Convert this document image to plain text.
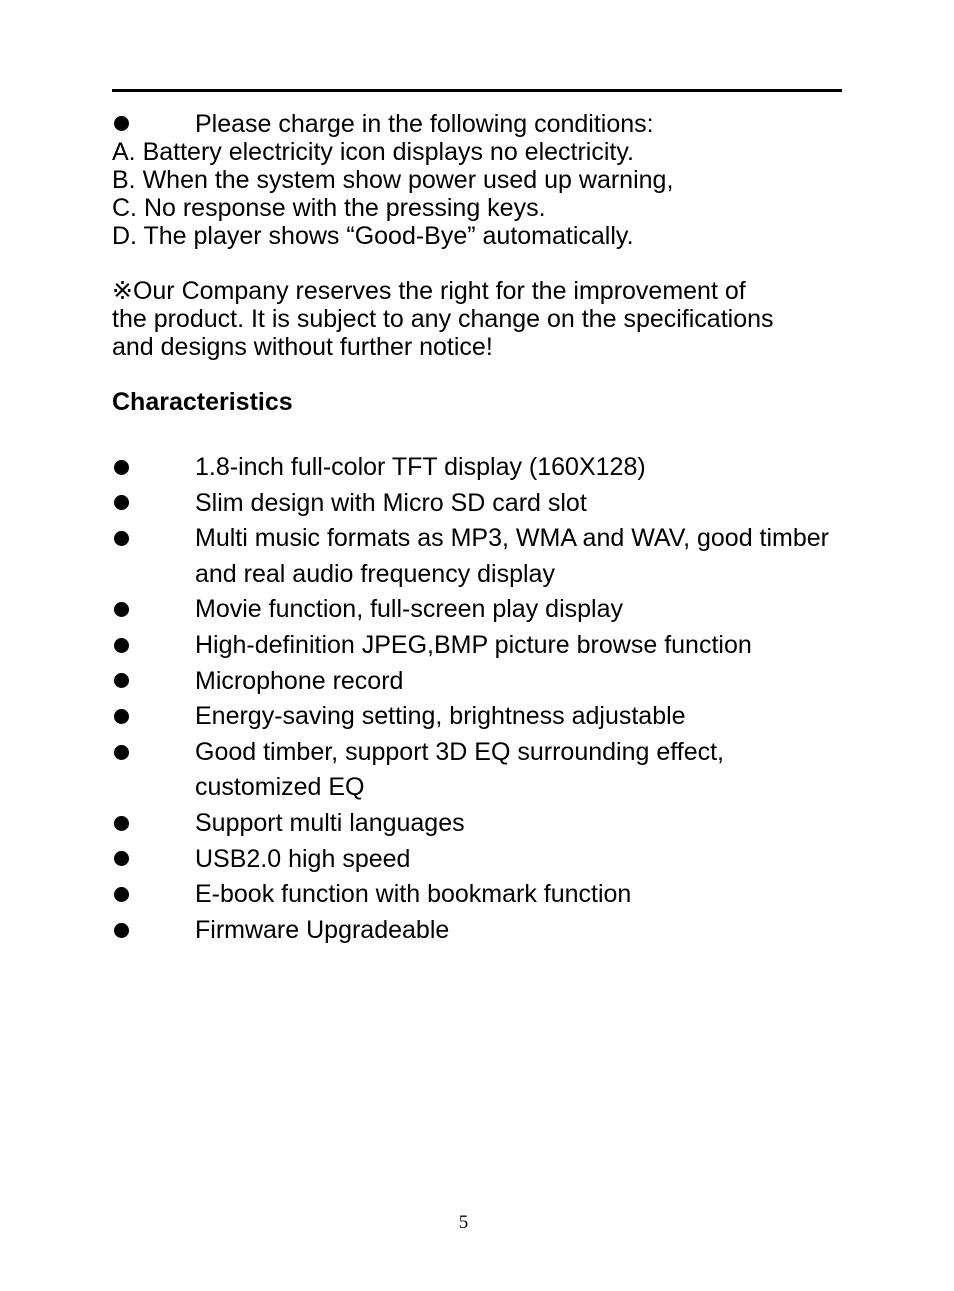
Please charge in the following conditions:
A. Battery electricity icon displays no electricity.
B. When the system show power used up warning,
C. No response with the pressing keys.
D. The player shows “Good-Bye” automatically.

※Our Company reserves the right for the improvement of

the product. It is subject to any change on the specifications

and designs without further notice!

Characteristics
1.8-inch full-color TFT display (160X128)
Slim design with Micro SD card slot
Multi music formats as MP3, WMA and WAV, good timber and real audio frequency display
Movie function, full-screen play display
High-definition JPEG,BMP picture browse function
Microphone record
Energy-saving setting, brightness adjustable
Good timber, support 3D EQ surrounding effect, customized EQ
Support multi languages
USB2.0 high speed
E-book function with bookmark function
Firmware Upgradeable
5
